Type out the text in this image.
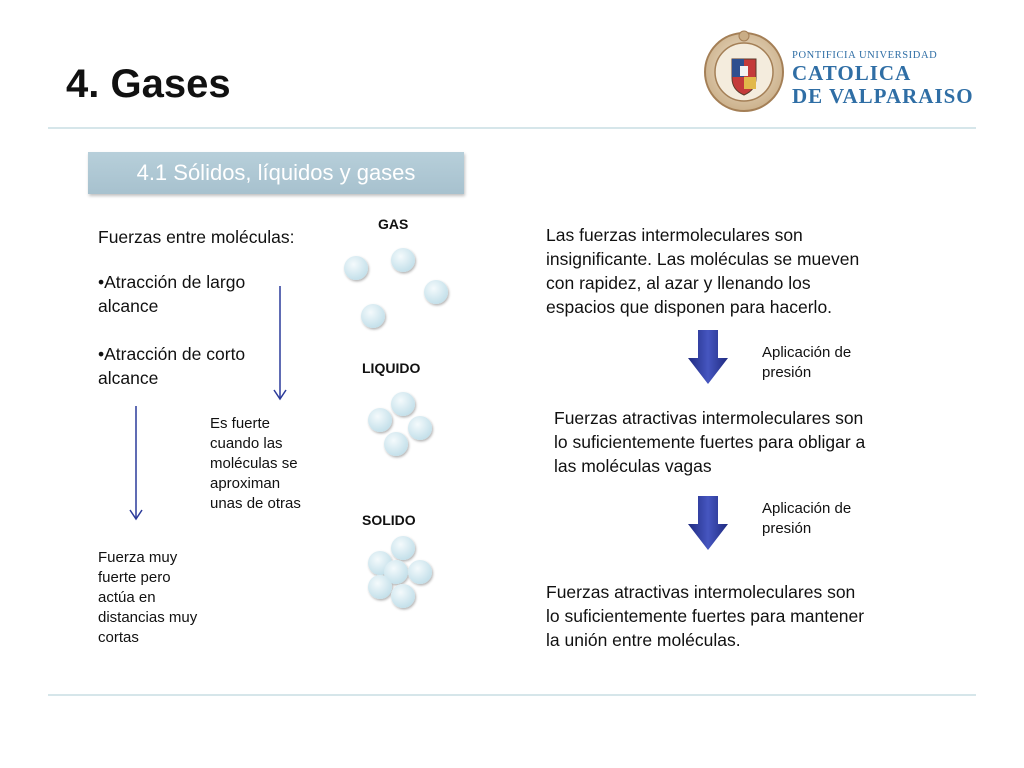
4. Gases
PONTIFICIA UNIVERSIDAD
CATOLICA
DE VALPARAISO
4.1 Sólidos, líquidos y gases
Fuerzas entre moléculas:
•Atracción de largo
alcance
•Atracción de corto
alcance
Es fuerte
cuando las
moléculas se
aproximan
unas de otras
Fuerza muy
fuerte pero
actúa en
distancias muy
cortas
GAS
LIQUIDO
SOLIDO
Las fuerzas intermoleculares son
insignificante. Las moléculas se mueven
con rapidez, al azar y llenando los
espacios que disponen para hacerlo.
Aplicación de
presión
Fuerzas atractivas intermoleculares son
lo suficientemente fuertes para obligar a
las moléculas vagas
Aplicación de
presión
Fuerzas atractivas intermoleculares son
lo suficientemente fuertes para mantener
la unión entre moléculas.
